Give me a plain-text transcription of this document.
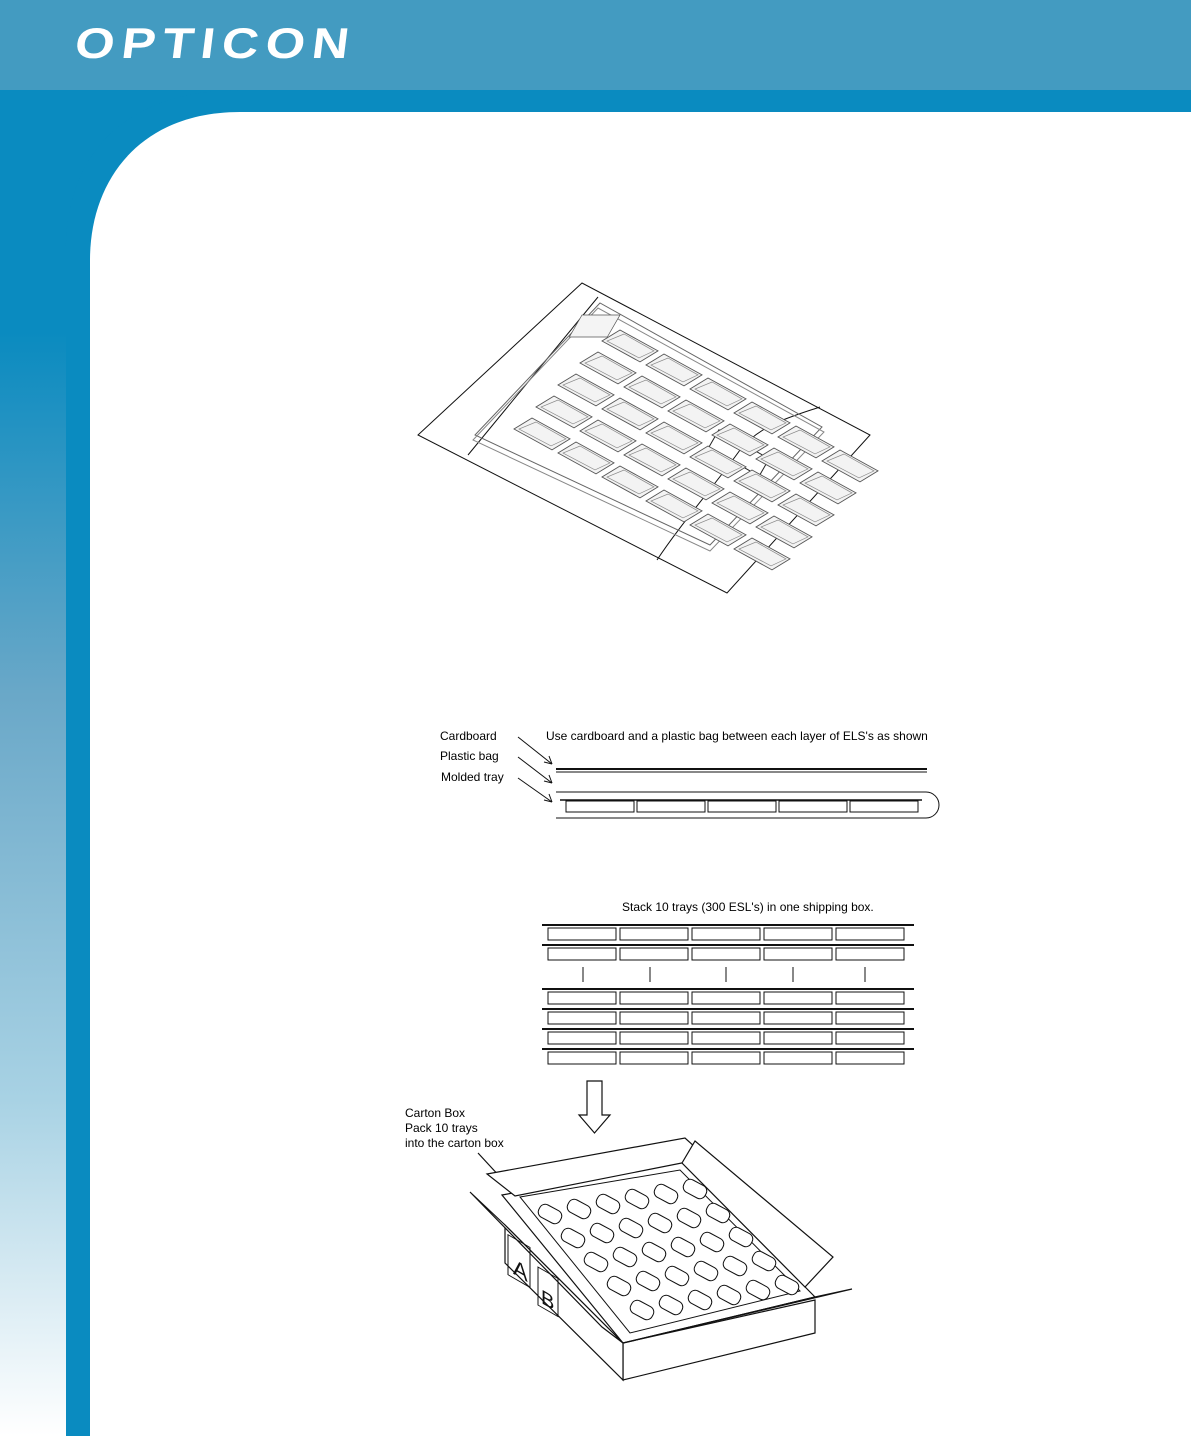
OPTICON
Cardboard
Plastic bag
Molded tray
Use cardboard and a plastic bag between each layer of ELS's as shown
Stack 10 trays (300 ESL's) in one shipping box.
Carton Box
Pack 10 trays
into the carton box
A
B
